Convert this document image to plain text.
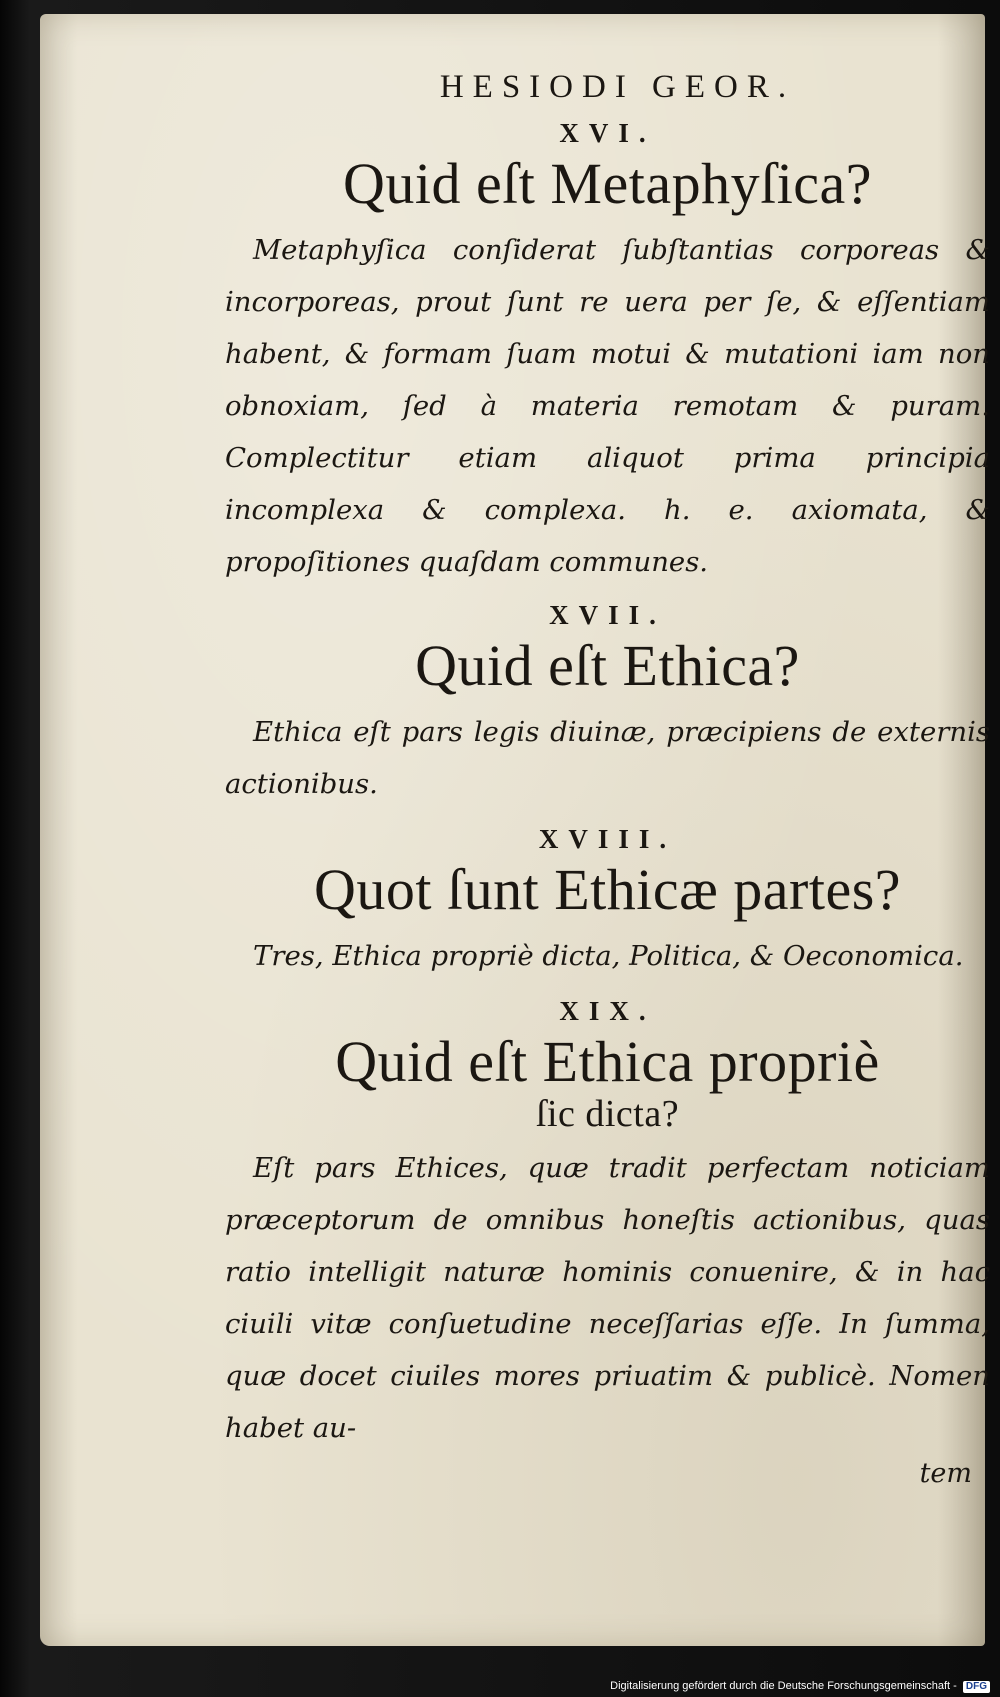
HESIODI GEOR.
XVI.
Quid eſt Metaphyſica?

Metaphyſica conſiderat ſubſtantias corporeas & incorporeas, prout ſunt re uera per ſe, & eſſentiam habent, & formam ſuam motui & mutationi iam non obnoxiam, ſed à materia remotam & puram. Complectitur etiam aliquot prima principia incomplexa & complexa. h. e. axiomata, & propoſitiones quaſdam communes.

XVII.
Quid eſt Ethica?

Ethica eſt pars legis diuinæ, præcipiens de externis actionibus.

XVIII.
Quot ſunt Ethicæ partes?

Tres, Ethica propriè dicta, Politica, & Oeconomica.

XIX.
Quid eſt Ethica propriè
ſic dicta?

Eſt pars Ethices, quæ tradit perfectam noticiam præceptorum de omnibus honeſtis actionibus, quas ratio intelligit naturæ hominis conuenire, & in hac ciuili vitæ conſuetudine neceſſarias eſſe. In ſumma, quæ docet ciuiles mores priuatim & publicè. Nomen habet au-

tem
Digitalisierung gefördert durch die Deutsche Forschungsgemeinschaft - DFG
